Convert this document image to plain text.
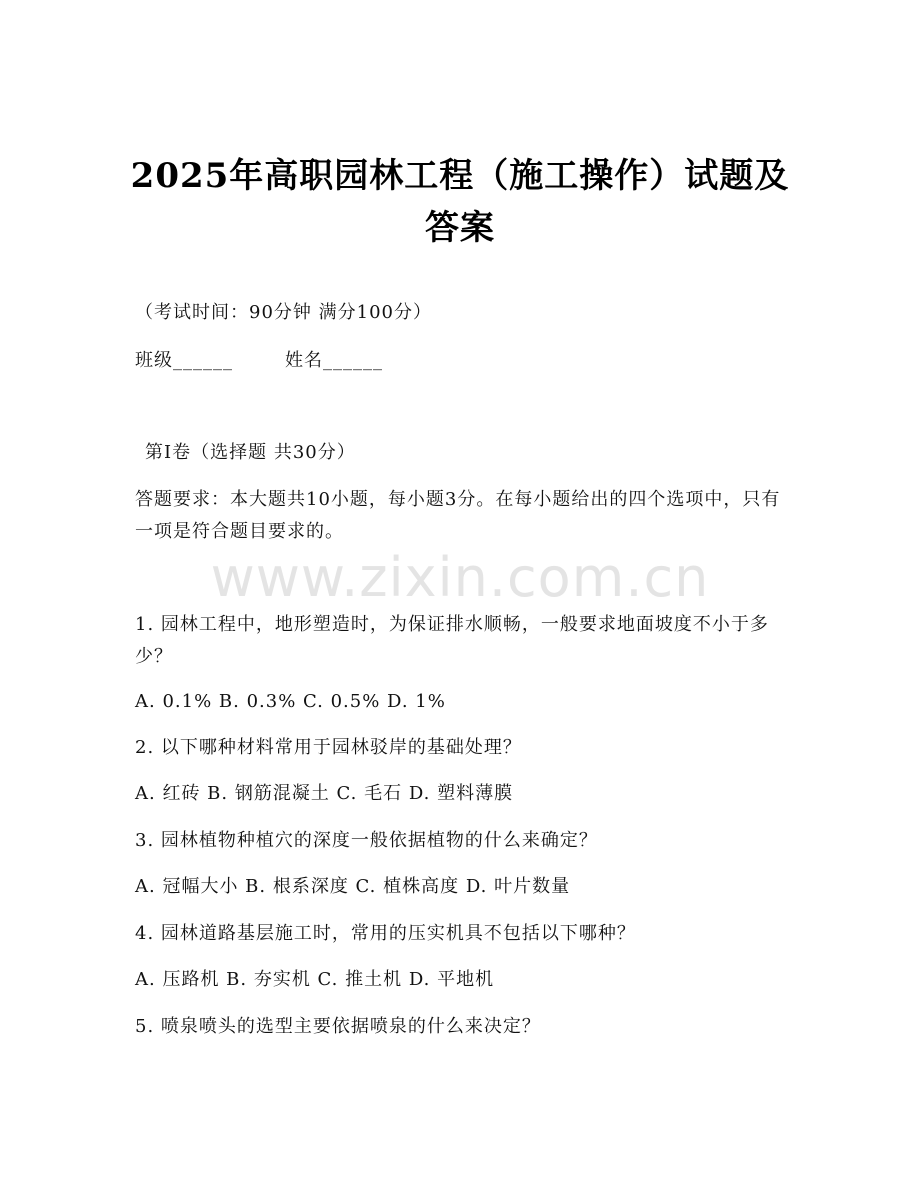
www.zixin.com.cn
2025年高职园林工程（施工操作）试题及答案
（考试时间：90分钟 满分100分）
班级______	姓名______
第I卷（选择题 共30分）
答题要求：本大题共10小题，每小题3分。在每小题给出的四个选项中，只有一项是符合题目要求的。
1. 园林工程中，地形塑造时，为保证排水顺畅，一般要求地面坡度不小于多少？
A. 0.1% B. 0.3% C. 0.5% D. 1%
2. 以下哪种材料常用于园林驳岸的基础处理？
A. 红砖 B. 钢筋混凝土 C. 毛石 D. 塑料薄膜
3. 园林植物种植穴的深度一般依据植物的什么来确定？
A. 冠幅大小 B. 根系深度 C. 植株高度 D. 叶片数量
4. 园林道路基层施工时，常用的压实机具不包括以下哪种？
A. 压路机 B. 夯实机 C. 推土机 D. 平地机
5. 喷泉喷头的选型主要依据喷泉的什么来决定？
